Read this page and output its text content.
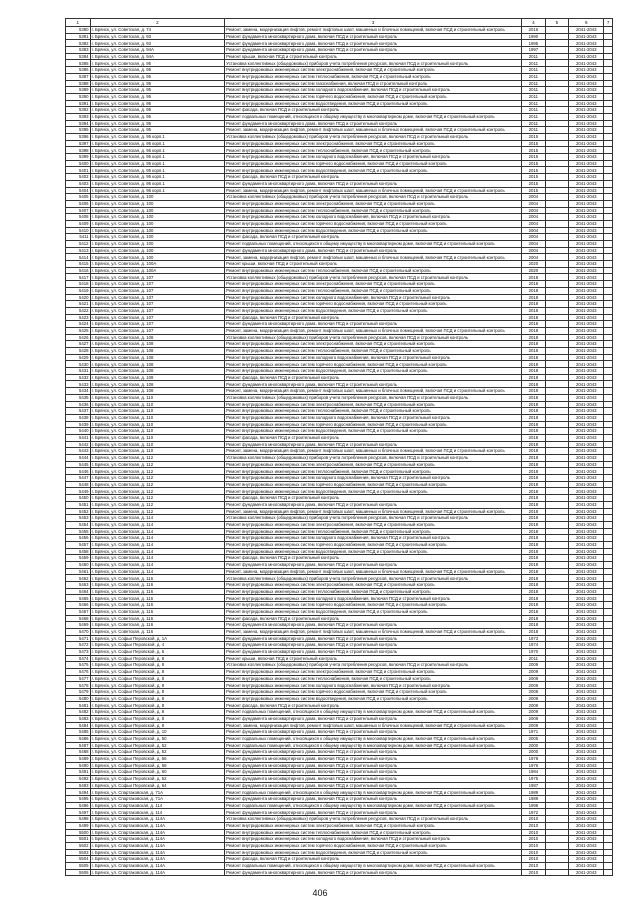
1	2	3	4	5	6	7
5380	г. Брянск, ул. Советская, д. 74	Ремонт, замена, модернизация лифтов, ремонт лифтовых шахт, машинных и блочных помещений, включая ПСД и строительный контроль	2016		2041-2043	
5381	г. Брянск, ул. Советская, д. 93	Ремонт фундамента многоквартирного дома, включая ПСД и строительный контроль	1990		2041-2043	
5382	г. Брянск, ул. Советская, д. 93	Ремонт фундамента многоквартирного дома, включая ПСД и строительный контроль	1995		2041-2043	
5383	г. Брянск, ул. Советская, д. 94А	Ремонт фундамента многоквартирного дома, включая ПСД и строительный контроль	1997		2041-2043	
5384	г. Брянск, ул. Советская, д. 94А	Ремонт крыши, включая ПСД и строительный контроль	2011		2041-2043	
5385	г. Брянск, ул. Советская, д. 95	Установка коллективных (общедомовых) приборов учета потребления ресурсов, включая ПСД и строительный контроль	2011		2041-2043	
5386	г. Брянск, ул. Советская, д. 95	Ремонт внутридомовых инженерных систем электроснабжения, включая ПСД и строительный контроль	2011		2041-2043	
5387	г. Брянск, ул. Советская, д. 95	Ремонт внутридомовых инженерных систем теплоснабжения, включая ПСД и строительный контроль	2011		2041-2043	
5388	г. Брянск, ул. Советская, д. 95	Ремонт внутридомовых инженерных систем газоснабжения, включая ПСД и строительный контроль	2011		2041-2043	
5389	г. Брянск, ул. Советская, д. 95	Ремонт внутридомовых инженерных систем холодного водоснабжения, включая ПСД и строительный контроль	2011		2041-2043	
5390	г. Брянск, ул. Советская, д. 95	Ремонт внутридомовых инженерных систем горячего водоснабжения, включая ПСД и строительный контроль	2011		2041-2043	
5391	г. Брянск, ул. Советская, д. 95	Ремонт внутридомовых инженерных систем водоотведения, включая ПСД и строительный контроль	2011		2041-2043	
5392	г. Брянск, ул. Советская, д. 95	Ремонт фасада, включая ПСД и строительный контроль	2011		2041-2043	
5393	г. Брянск, ул. Советская, д. 95	Ремонт подвальных помещений, относящихся к общему имуществу в многоквартирном доме, включая ПСД и строительный контроль	2011		2041-2043	
5394	г. Брянск, ул. Советская, д. 95	Ремонт фундамента многоквартирного дома, включая ПСД и строительный контроль	2011		2041-2043	
5395	г. Брянск, ул. Советская, д. 95	Ремонт, замена, модернизация лифтов, ремонт лифтовых шахт, машинных и блочных помещений, включая ПСД и строительный контроль	2011		2041-2043	
5396	г. Брянск, ул. Советская, д. 95 корп.1	Установка коллективных (общедомовых) приборов учета потребления ресурсов, включая ПСД и строительный контроль	2015		2041-2043	
5397	г. Брянск, ул. Советская, д. 95 корп.1	Ремонт внутридомовых инженерных систем электроснабжения, включая ПСД и строительный контроль	2015		2041-2043	
5398	г. Брянск, ул. Советская, д. 95 корп.1	Ремонт внутридомовых инженерных систем теплоснабжения, включая ПСД и строительный контроль	2015		2041-2043	
5399	г. Брянск, ул. Советская, д. 95 корп.1	Ремонт внутридомовых инженерных систем холодного водоснабжения, включая ПСД и строительный контроль	2015		2041-2043	
5400	г. Брянск, ул. Советская, д. 95 корп.1	Ремонт внутридомовых инженерных систем горячего водоснабжения, включая ПСД и строительный контроль	2015		2041-2043	
5401	г. Брянск, ул. Советская, д. 95 корп.1	Ремонт внутридомовых инженерных систем водоотведения, включая ПСД и строительный контроль	2015		2041-2043	
5402	г. Брянск, ул. Советская, д. 95 корп.1	Ремонт фасада, включая ПСД и строительный контроль	2015		2041-2043	
5403	г. Брянск, ул. Советская, д. 95 корп.1	Ремонт фундамента многоквартирного дома, включая ПСД и строительный контроль	2015		2041-2043	
5404	г. Брянск, ул. Советская, д. 95 корп.1	Ремонт, замена, модернизация лифтов, ремонт лифтовых шахт, машинных и блочных помещений, включая ПСД и строительный контроль	2015		2041-2043	
5405	г. Брянск, ул. Советская, д. 100	Установка коллективных (общедомовых) приборов учета потребления ресурсов, включая ПСД и строительный контроль	2004		2041-2043	
5406	г. Брянск, ул. Советская, д. 100	Ремонт внутридомовых инженерных систем электроснабжения, включая ПСД и строительный контроль	2004		2041-2043	
5407	г. Брянск, ул. Советская, д. 100	Ремонт внутридомовых инженерных систем теплоснабжения, включая ПСД и строительный контроль	2004		2041-2043	
5408	г. Брянск, ул. Советская, д. 100	Ремонт внутридомовых инженерных систем холодного водоснабжения, включая ПСД и строительный контроль	2004		2041-2043	
5409	г. Брянск, ул. Советская, д. 100	Ремонт внутридомовых инженерных систем горячего водоснабжения, включая ПСД и строительный контроль	2004		2041-2043	
5410	г. Брянск, ул. Советская, д. 100	Ремонт внутридомовых инженерных систем водоотведения, включая ПСД и строительный контроль	2004		2041-2043	
5411	г. Брянск, ул. Советская, д. 100	Ремонт фасада, включая ПСД и строительный контроль	2004		2041-2043	
5412	г. Брянск, ул. Советская, д. 100	Ремонт подвальных помещений, относящихся к общему имуществу в многоквартирном доме, включая ПСД и строительный контроль	2004		2041-2043	
5413	г. Брянск, ул. Советская, д. 100	Ремонт фундамента многоквартирного дома, включая ПСД и строительный контроль	2004		2041-2043	
5414	г. Брянск, ул. Советская, д. 100	Ремонт, замена, модернизация лифтов, ремонт лифтовых шахт, машинных и блочных помещений, включая ПСД и строительный контроль	2004		2041-2043	
5415	г. Брянск, ул. Советская, д. 100А	Ремонт крыши, включая ПСД и строительный контроль	2020		2041-2043	
5416	г. Брянск, ул. Советская, д. 100А	Ремонт внутридомовых инженерных систем теплоснабжения, включая ПСД и строительный контроль	2020		2041-2043	
5417	г. Брянск, ул. Советская, д. 107	Установка коллективных (общедомовых) приборов учета потребления ресурсов, включая ПСД и строительный контроль	2018		2041-2043	
5418	г. Брянск, ул. Советская, д. 107	Ремонт внутридомовых инженерных систем электроснабжения, включая ПСД и строительный контроль	2018		2041-2043	
5419	г. Брянск, ул. Советская, д. 107	Ремонт внутридомовых инженерных систем теплоснабжения, включая ПСД и строительный контроль	2018		2041-2043	
5420	г. Брянск, ул. Советская, д. 107	Ремонт внутридомовых инженерных систем холодного водоснабжения, включая ПСД и строительный контроль	2018		2041-2043	
5421	г. Брянск, ул. Советская, д. 107	Ремонт внутридомовых инженерных систем горячего водоснабжения, включая ПСД и строительный контроль	2018		2041-2043	
5422	г. Брянск, ул. Советская, д. 107	Ремонт внутридомовых инженерных систем водоотведения, включая ПСД и строительный контроль	2018		2041-2043	
5423	г. Брянск, ул. Советская, д. 107	Ремонт фасада, включая ПСД и строительный контроль	2018		2041-2043	
5424	г. Брянск, ул. Советская, д. 107	Ремонт фундамента многоквартирного дома, включая ПСД и строительный контроль	2018		2041-2043	
5425	г. Брянск, ул. Советская, д. 107	Ремонт, замена, модернизация лифтов, ремонт лифтовых шахт, машинных и блочных помещений, включая ПСД и строительный контроль	2018		2041-2043	
5426	г. Брянск, ул. Советская, д. 108	Установка коллективных (общедомовых) приборов учета потребления ресурсов, включая ПСД и строительный контроль	2018		2041-2043	
5427	г. Брянск, ул. Советская, д. 108	Ремонт внутридомовых инженерных систем электроснабжения, включая ПСД и строительный контроль	2018		2041-2043	
5428	г. Брянск, ул. Советская, д. 108	Ремонт внутридомовых инженерных систем теплоснабжения, включая ПСД и строительный контроль	2018		2041-2043	
5429	г. Брянск, ул. Советская, д. 108	Ремонт внутридомовых инженерных систем холодного водоснабжения, включая ПСД и строительный контроль	2018		2041-2043	
5430	г. Брянск, ул. Советская, д. 108	Ремонт внутридомовых инженерных систем горячего водоснабжения, включая ПСД и строительный контроль	2018		2041-2043	
5431	г. Брянск, ул. Советская, д. 108	Ремонт внутридомовых инженерных систем водоотведения, включая ПСД и строительный контроль	2018		2041-2043	
5432	г. Брянск, ул. Советская, д. 108	Ремонт фасада, включая ПСД и строительный контроль	2018		2041-2043	
5433	г. Брянск, ул. Советская, д. 108	Ремонт фундамента многоквартирного дома, включая ПСД и строительный контроль	2018		2041-2043	
5434	г. Брянск, ул. Советская, д. 108	Ремонт, замена, модернизация лифтов, ремонт лифтовых шахт, машинных и блочных помещений, включая ПСД и строительный контроль	2018		2041-2043	
5435	г. Брянск, ул. Советская, д. 110	Установка коллективных (общедомовых) приборов учета потребления ресурсов, включая ПСД и строительный контроль	2018		2041-2043	
5436	г. Брянск, ул. Советская, д. 110	Ремонт внутридомовых инженерных систем электроснабжения, включая ПСД и строительный контроль	2018		2041-2043	
5437	г. Брянск, ул. Советская, д. 110	Ремонт внутридомовых инженерных систем теплоснабжения, включая ПСД и строительный контроль	2018		2041-2043	
5438	г. Брянск, ул. Советская, д. 110	Ремонт внутридомовых инженерных систем холодного водоснабжения, включая ПСД и строительный контроль	2018		2041-2043	
5439	г. Брянск, ул. Советская, д. 110	Ремонт внутридомовых инженерных систем горячего водоснабжения, включая ПСД и строительный контроль	2018		2041-2043	
5440	г. Брянск, ул. Советская, д. 110	Ремонт внутридомовых инженерных систем водоотведения, включая ПСД и строительный контроль	2018		2041-2043	
5441	г. Брянск, ул. Советская, д. 110	Ремонт фасада, включая ПСД и строительный контроль	2018		2041-2043	
5442	г. Брянск, ул. Советская, д. 110	Ремонт фундамента многоквартирного дома, включая ПСД и строительный контроль	2018		2041-2043	
5443	г. Брянск, ул. Советская, д. 110	Ремонт, замена, модернизация лифтов, ремонт лифтовых шахт, машинных и блочных помещений, включая ПСД и строительный контроль	2018		2041-2043	
5444	г. Брянск, ул. Советская, д. 112	Установка коллективных (общедомовых) приборов учета потребления ресурсов, включая ПСД и строительный контроль	2018		2041-2043	
5445	г. Брянск, ул. Советская, д. 112	Ремонт внутридомовых инженерных систем электроснабжения, включая ПСД и строительный контроль	2018		2041-2043	
5446	г. Брянск, ул. Советская, д. 112	Ремонт внутридомовых инженерных систем теплоснабжения, включая ПСД и строительный контроль	2018		2041-2043	
5447	г. Брянск, ул. Советская, д. 112	Ремонт внутридомовых инженерных систем холодного водоснабжения, включая ПСД и строительный контроль	2018		2041-2043	
5448	г. Брянск, ул. Советская, д. 112	Ремонт внутридомовых инженерных систем горячего водоснабжения, включая ПСД и строительный контроль	2018		2041-2043	
5449	г. Брянск, ул. Советская, д. 112	Ремонт внутридомовых инженерных систем водоотведения, включая ПСД и строительный контроль	2018		2041-2043	
5450	г. Брянск, ул. Советская, д. 112	Ремонт фасада, включая ПСД и строительный контроль	2018		2041-2043	
5451	г. Брянск, ул. Советская, д. 112	Ремонт фундамента многоквартирного дома, включая ПСД и строительный контроль	2018		2041-2043	
5452	г. Брянск, ул. Советская, д. 112	Ремонт, замена, модернизация лифтов, ремонт лифтовых шахт, машинных и блочных помещений, включая ПСД и строительный контроль	2018		2041-2043	
5453	г. Брянск, ул. Советская, д. 114	Установка коллективных (общедомовых) приборов учета потребления ресурсов, включая ПСД и строительный контроль	2018		2041-2043	
5454	г. Брянск, ул. Советская, д. 114	Ремонт внутридомовых инженерных систем электроснабжения, включая ПСД и строительный контроль	2018		2041-2043	
5455	г. Брянск, ул. Советская, д. 114	Ремонт внутридомовых инженерных систем теплоснабжения, включая ПСД и строительный контроль	2018		2041-2043	
5456	г. Брянск, ул. Советская, д. 114	Ремонт внутридомовых инженерных систем холодного водоснабжения, включая ПСД и строительный контроль	2018		2041-2043	
5457	г. Брянск, ул. Советская, д. 114	Ремонт внутридомовых инженерных систем горячего водоснабжения, включая ПСД и строительный контроль	2018		2041-2043	
5458	г. Брянск, ул. Советская, д. 114	Ремонт внутридомовых инженерных систем водоотведения, включая ПСД и строительный контроль	2018		2041-2043	
5459	г. Брянск, ул. Советская, д. 114	Ремонт фасада, включая ПСД и строительный контроль	2018		2041-2043	
5460	г. Брянск, ул. Советская, д. 114	Ремонт фундамента многоквартирного дома, включая ПСД и строительный контроль	2018		2041-2043	
5461	г. Брянск, ул. Советская, д. 114	Ремонт, замена, модернизация лифтов, ремонт лифтовых шахт, машинных и блочных помещений, включая ПСД и строительный контроль	2018		2041-2043	
5462	г. Брянск, ул. Советская, д. 116	Установка коллективных (общедомовых) приборов учета потребления ресурсов, включая ПСД и строительный контроль	2018		2041-2043	
5463	г. Брянск, ул. Советская, д. 116	Ремонт внутридомовых инженерных систем электроснабжения, включая ПСД и строительный контроль	2018		2041-2043	
5464	г. Брянск, ул. Советская, д. 116	Ремонт внутридомовых инженерных систем теплоснабжения, включая ПСД и строительный контроль	2018		2041-2043	
5465	г. Брянск, ул. Советская, д. 116	Ремонт внутридомовых инженерных систем холодного водоснабжения, включая ПСД и строительный контроль	2018		2041-2043	
5466	г. Брянск, ул. Советская, д. 116	Ремонт внутридомовых инженерных систем горячего водоснабжения, включая ПСД и строительный контроль	2018		2041-2043	
5467	г. Брянск, ул. Советская, д. 116	Ремонт внутридомовых инженерных систем водоотведения, включая ПСД и строительный контроль	2018		2041-2043	
5468	г. Брянск, ул. Советская, д. 116	Ремонт фасада, включая ПСД и строительный контроль	2018		2041-2043	
5469	г. Брянск, ул. Советская, д. 116	Ремонт фундамента многоквартирного дома, включая ПСД и строительный контроль	2018		2041-2043	
5470	г. Брянск, ул. Советская, д. 116	Ремонт, замена, модернизация лифтов, ремонт лифтовых шахт, машинных и блочных помещений, включая ПСД и строительный контроль	2018		2041-2043	
5471	г. Брянск, ул. Софьи Перовской, д. 1А	Ремонт фундамента многоквартирного дома, включая ПСД и строительный контроль	1973		2041-2043	
5472	г. Брянск, ул. Софьи Перовской, д. 4	Ремонт фундамента многоквартирного дома, включая ПСД и строительный контроль	1974		2041-2043	
5473	г. Брянск, ул. Софьи Перовской, д. 6	Ремонт фундамента многоквартирного дома, включая ПСД и строительный контроль	1970		2041-2043	
5474	г. Брянск, ул. Софьи Перовской, д. 8	Ремонт крыши, включая ПСД и строительный контроль	2011		2041-2043	
5475	г. Брянск, ул. Софьи Перовской, д. 8	Установка коллективных (общедомовых) приборов учета потребления ресурсов, включая ПСД и строительный контроль	2009		2041-2043	
5476	г. Брянск, ул. Софьи Перовской, д. 8	Ремонт внутридомовых инженерных систем электроснабжения, включая ПСД и строительный контроль	2009		2041-2043	
5477	г. Брянск, ул. Софьи Перовской, д. 8	Ремонт внутридомовых инженерных систем теплоснабжения, включая ПСД и строительный контроль	2009		2041-2043	
5478	г. Брянск, ул. Софьи Перовской, д. 8	Ремонт внутридомовых инженерных систем холодного водоснабжения, включая ПСД и строительный контроль	2009		2041-2043	
5479	г. Брянск, ул. Софьи Перовской, д. 8	Ремонт внутридомовых инженерных систем горячего водоснабжения, включая ПСД и строительный контроль	2009		2041-2043	
5480	г. Брянск, ул. Софьи Перовской, д. 8	Ремонт внутридомовых инженерных систем водоотведения, включая ПСД и строительный контроль	2009		2041-2043	
5481	г. Брянск, ул. Софьи Перовской, д. 8	Ремонт фасада, включая ПСД и строительный контроль	2009		2041-2043	
5482	г. Брянск, ул. Софьи Перовской, д. 8	Ремонт подвальных помещений, относящихся к общему имуществу в многоквартирном доме, включая ПСД и строительный контроль	2009		2041-2043	
5483	г. Брянск, ул. Софьи Перовской, д. 8	Ремонт фундамента многоквартирного дома, включая ПСД и строительный контроль	2009		2041-2043	
5484	г. Брянск, ул. Софьи Перовской, д. 8	Ремонт, замена, модернизация лифтов, ремонт лифтовых шахт, машинных и блочных помещений, включая ПСД и строительный контроль	2009		2041-2043	
5485	г. Брянск, ул. Софьи Перовской, д. 10	Ремонт фундамента многоквартирного дома, включая ПСД и строительный контроль	1971		2041-2043	
5486	г. Брянск, ул. Софьи Перовской, д. 50	Ремонт подвальных помещений, относящихся к общему имуществу в многоквартирном доме, включая ПСД и строительный контроль	2005		2041-2043	
5487	г. Брянск, ул. Софьи Перовской, д. 52	Ремонт подвальных помещений, относящихся к общему имуществу в многоквартирном доме, включая ПСД и строительный контроль	2000		2041-2043	
5488	г. Брянск, ул. Софьи Перовской, д. 52	Ремонт фундамента многоквартирного дома, включая ПСД и строительный контроль	2000		2041-2043	
5489	г. Брянск, ул. Софьи Перовской, д. 56	Ремонт фундамента многоквартирного дома, включая ПСД и строительный контроль	1978		2041-2043	
5490	г. Брянск, ул. Софьи Перовской, д. 58	Ремонт фундамента многоквартирного дома, включая ПСД и строительный контроль	1976		2041-2043	
5491	г. Брянск, ул. Софьи Перовской, д. 60	Ремонт фундамента многоквартирного дома, включая ПСД и строительный контроль	1984		2041-2043	
5492	г. Брянск, ул. Софьи Перовской, д. 62	Ремонт фундамента многоквартирного дома, включая ПСД и строительный контроль	1975		2041-2043	
5493	г. Брянск, ул. Софьи Перовской, д. 64	Ремонт фундамента многоквартирного дома, включая ПСД и строительный контроль	1987		2041-2043	
5494	г. Брянск, ул. Спартаковская, д. 71А	Ремонт подвальных помещений, относящихся к общему имуществу в многоквартирном доме, включая ПСД и строительный контроль	1989		2041-2043	
5495	г. Брянск, ул. Спартаковская, д. 71А	Ремонт фундамента многоквартирного дома, включая ПСД и строительный контроль	1989		2041-2043	
5496	г. Брянск, ул. Спартаковская, д. 114	Ремонт подвальных помещений, относящихся к общему имуществу в многоквартирном доме, включая ПСД и строительный контроль	1998		2041-2043	
5497	г. Брянск, ул. Спартаковская, д. 114	Ремонт фундамента многоквартирного дома, включая ПСД и строительный контроль	1972		2041-2043	
5498	г. Брянск, ул. Спартаковская, д. 114А	Установка коллективных (общедомовых) приборов учета потребления ресурсов, включая ПСД и строительный контроль	2010		2041-2043	
5499	г. Брянск, ул. Спартаковская, д. 114А	Ремонт внутридомовых инженерных систем электроснабжения, включая ПСД и строительный контроль	2010		2041-2043	
5500	г. Брянск, ул. Спартаковская, д. 114А	Ремонт внутридомовых инженерных систем теплоснабжения, включая ПСД и строительный контроль	2010		2041-2043	
5501	г. Брянск, ул. Спартаковская, д. 114А	Ремонт внутридомовых инженерных систем холодного водоснабжения, включая ПСД и строительный контроль	2010		2041-2043	
5502	г. Брянск, ул. Спартаковская, д. 114А	Ремонт внутридомовых инженерных систем горячего водоснабжения, включая ПСД и строительный контроль	2010		2041-2043	
5503	г. Брянск, ул. Спартаковская, д. 114А	Ремонт внутридомовых инженерных систем водоотведения, включая ПСД и строительный контроль	2010		2041-2043	
5504	г. Брянск, ул. Спартаковская, д. 114А	Ремонт фасада, включая ПСД и строительный контроль	2010		2041-2043	
5505	г. Брянск, ул. Спартаковская, д. 114А	Ремонт подвальных помещений, относящихся к общему имуществу в многоквартирном доме, включая ПСД и строительный контроль	2010		2041-2043	
5506	г. Брянск, ул. Спартаковская, д. 114А	Ремонт фундамента многоквартирного дома, включая ПСД и строительный контроль	2010		2041-2043	
406
